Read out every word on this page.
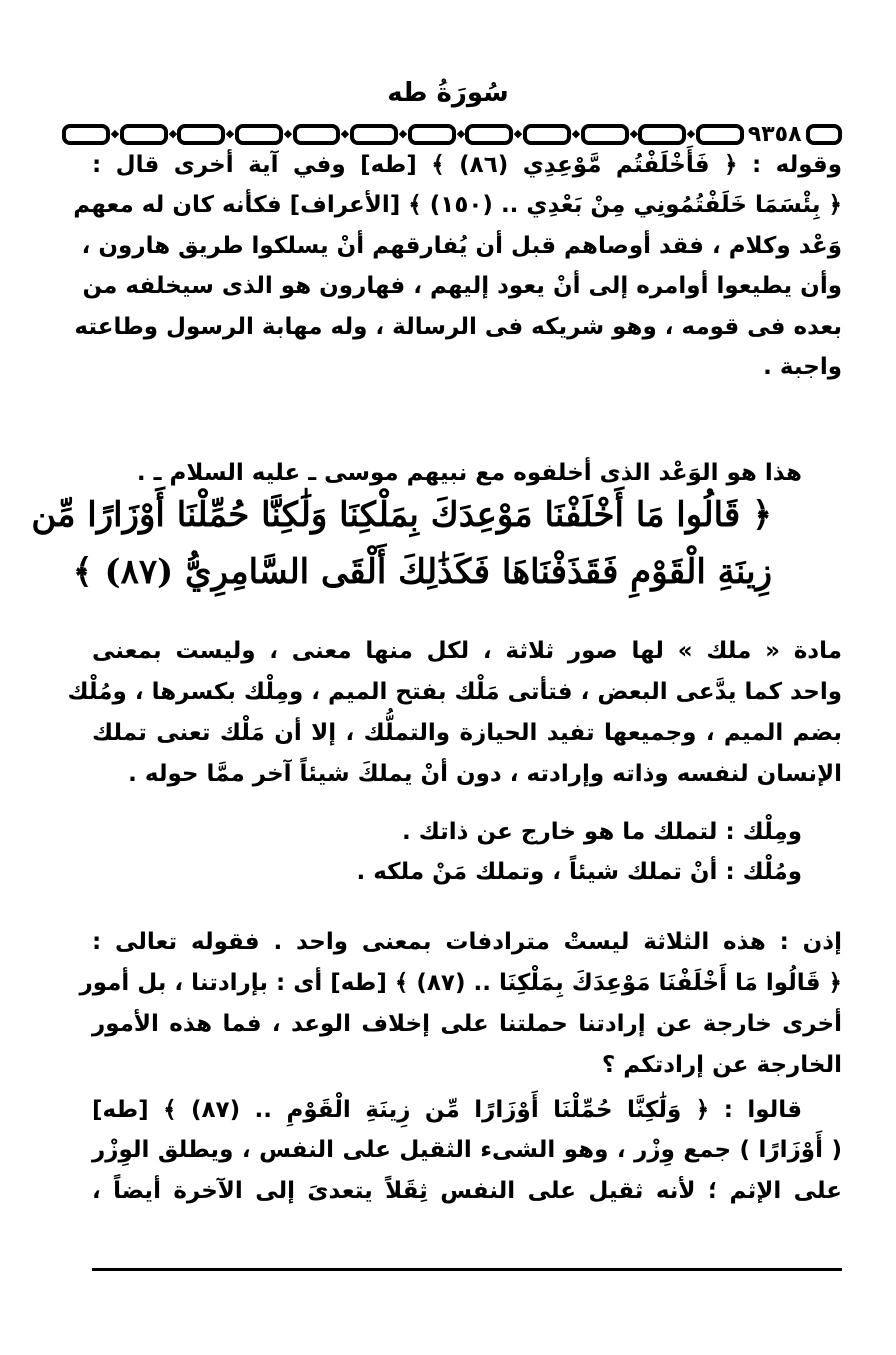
سُورَةُ طه
٩٣٥٨
وقوله : ﴿ فَأَخْلَفْتُم مَّوْعِدِي (٨٦) ﴾ [طه] وفي آية أخرى قال :
﴿ بِئْسَمَا خَلَفْتُمُونِي مِنْ بَعْدِي .. (١٥٠) ﴾ [الأعراف] فكأنه كان له معهم
وَعْد وكلام ، فقد أوصاهم قبل أن يُفارقهم أنْ يسلكوا طريق هارون ،
وأن يطيعوا أوامره إلى أنْ يعود إليهم ، فهارون هو الذى سيخلفه من
بعده فى قومه ، وهو شريكه فى الرسالة ، وله مهابة الرسول وطاعته
واجبة .
هذا هو الوَعْد الذى أخلفوه مع نبيهم موسى ـ عليه السلام ـ .
﴿ قَالُوا مَا أَخْلَفْنَا مَوْعِدَكَ بِمَلْكِنَا وَلَٰكِنَّا حُمِّلْنَا أَوْزَارًا مِّن
زِينَةِ الْقَوْمِ فَقَذَفْنَاهَا فَكَذَٰلِكَ أَلْقَى السَّامِرِيُّ (٨٧) ﴾
مادة « ملك » لها صور ثلاثة ، لكل منها معنى ، وليست بمعنى
واحد كما يدَّعى البعض ، فتأتى مَلْك بفتح الميم ، ومِلْك بكسرها ، ومُلْك
بضم الميم ، وجميعها تفيد الحيازة والتملُّك ، إلا أن مَلْك تعنى تملك
الإنسان لنفسه وذاته وإرادته ، دون أنْ يملكَ شيئاً آخر ممَّا حوله .
ومِلْك : لتملك ما هو خارج عن ذاتك .
ومُلْك : أنْ تملك شيئاً ، وتملك مَنْ ملكه .
إذن : هذه الثلاثة ليستْ مترادفات بمعنى واحد . فقوله تعالى :
﴿ قَالُوا مَا أَخْلَفْنَا مَوْعِدَكَ بِمَلْكِنَا .. (٨٧) ﴾ [طه] أى : بإرادتنا ، بل أمور
أخرى خارجة عن إرادتنا حملتنا على إخلاف الوعد ، فما هذه الأمور
الخارجة عن إرادتكم ؟
قالوا : ﴿ وَلَٰكِنَّا حُمِّلْنَا أَوْزَارًا مِّن زِينَةِ الْقَوْمِ .. (٨٧) ﴾ [طه]
( أَوْزَارًا ) جمع وِزْر ، وهو الشىء الثقيل على النفس ، ويطلق الوِزْر
على الإثم ؛ لأنه ثقيل على النفس ثِقَلاً يتعدىَ إلى الآخرة أيضاً ،
